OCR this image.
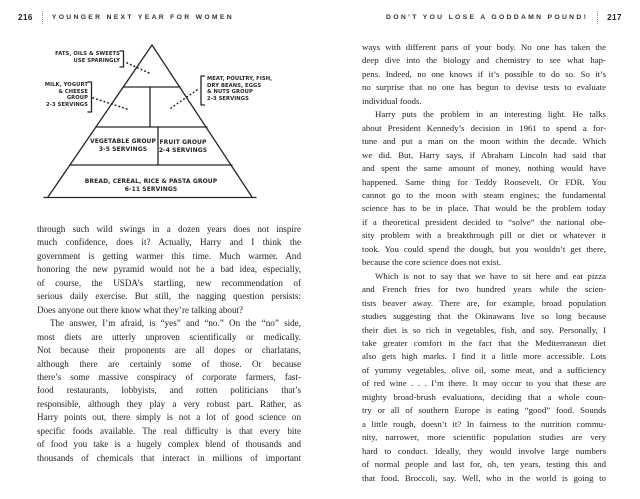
216	YOUNGER NEXT YEAR FOR WOMEN	DON’T YOU LOSE A GODDAMN POUND! 217
FATS, OILS & SWEETS
USE SPARINGLY
MILK, YOGURT
& CHEESE
GROUP
2-3 SERVINGS
MEAT, POULTRY, FISH,
DRY BEANS, EGGS
& NUTS GROUP
2-3 SERVINGS
VEGETABLE GROUP
3-5 SERVINGS
FRUIT GROUP
2-4 SERVINGS
BREAD, CEREAL, RICE & PASTA GROUP
6-11 SERVINGS
through such wild swings in a dozen years does not inspire
much confidence, does it? Actually, Harry and I think the
government is getting warmer this time. Much warmer. And
honoring the new pyramid would not be a bad idea, especially,
of course, the USDA’s startling, new recommendation of
serious daily exercise. But still, the nagging question persists:
Does anyone out there know what they’re talking about?
The answer, I’m afraid, is “yes” and “no.” On the “no” side,
most diets are utterly unproven scientifically or medically.
Not because their proponents are all dopes or charlatans,
although there are certainly some of those. Or because
there’s some massive conspiracy of corporate farmers, fast-
food restaurants, lobbyists, and rotten politicians that’s
responsible, although they play a very robust part. Rather, as
Harry points out, there simply is not a lot of good science on
specific foods available. The real difficulty is that every bite
of food you take is a hugely complex blend of thousands and
thousands of chemicals that interact in millions of important
ways with different parts of your body. No one has taken the
deep dive into the biology and chemistry to see what hap-
pens. Indeed, no one knows if it’s possible to do so. So it’s
no surprise that no one has begun to devise tests to evaluate
individual foods.
Harry puts the problem in an interesting light. He talks
about President Kennedy’s decision in 1961 to spend a for-
tune and put a man on the moon within the decade. Which
we did. But, Harry says, if Abraham Lincoln had said that
and spent the same amount of money, nothing would have
happened. Same thing for Teddy Roosevelt. Or FDR. You
cannot go to the moon with steam engines; the fundamental
science has to be in place. That would be the problem today
if a theoretical president decided to “solve” the national obe-
sity problem with a breakthrough pill or diet or whatever it
took. You could spend the dough, but you wouldn’t get there,
because the core science does not exist.
Which is not to say that we have to sit here and eat pizza
and French fries for two hundred years while the scien-
tists beaver away. There are, for example, broad population
studies suggesting that the Okinawans live so long because
their diet is so rich in vegetables, fish, and soy. Personally, I
take greater comfort in the fact that the Mediterranean diet
also gets high marks. I find it a little more accessible. Lots
of yummy vegetables, olive oil, some meat, and a sufficiency
of red wine . . . I’m there. It may occur to you that these are
mighty broad-brush evaluations, deciding that a whole coun-
try or all of southern Europe is eating “good” food. Sounds
a little rough, doesn’t it? In fairness to the nutrition commu-
nity, narrower, more scientific population studies are very
hard to conduct. Ideally, they would involve large numbers
of normal people and last for, oh, ten years, testing this and
that food. Broccoli, say. Well, who in the world is going to
